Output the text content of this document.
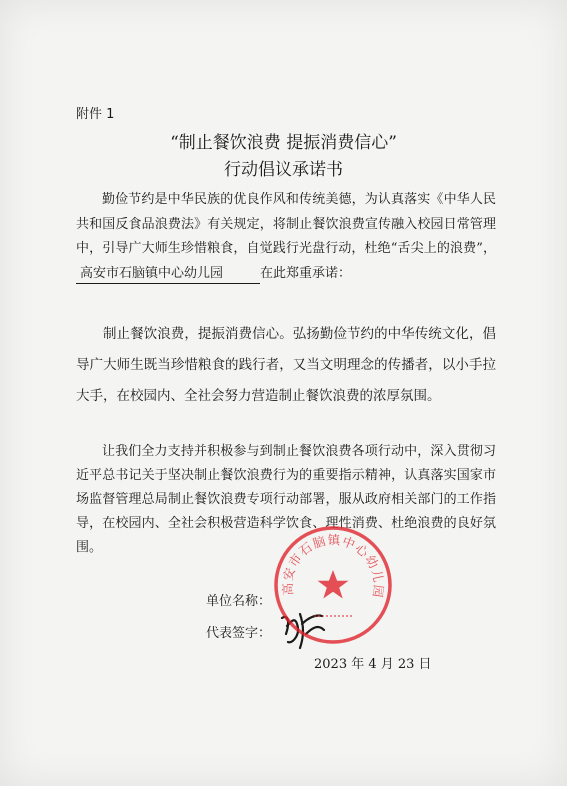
附件 1
“制止餐饮浪费 提振消费信心”
行动倡议承诺书
勤俭节约是中华民族的优良作风和传统美德，为认真落实《中华人民共和国反食品浪费法》有关规定，将制止餐饮浪费宣传融入校园日常管理中，引导广大师生珍惜粮食，自觉践行光盘行动，杜绝“舌尖上的浪费”，高安市石脑镇中心幼儿园	在此郑重承诺：
制止餐饮浪费，提振消费信心。弘扬勤俭节约的中华传统文化，倡导广大师生既当珍惜粮食的践行者，又当文明理念的传播者，以小手拉大手，在校园内、全社会努力营造制止餐饮浪费的浓厚氛围。
让我们全力支持并积极参与到制止餐饮浪费各项行动中，深入贯彻习近平总书记关于坚决制止餐饮浪费行为的重要指示精神，认真落实国家市场监督管理总局制止餐饮浪费专项行动部署，服从政府相关部门的工作指导，在校园内、全社会积极营造科学饮食、理性消费、杜绝浪费的良好氛围。
单位名称：
代表签字：
2023 年 4 月 23 日
高安市石脑镇中心幼儿园
